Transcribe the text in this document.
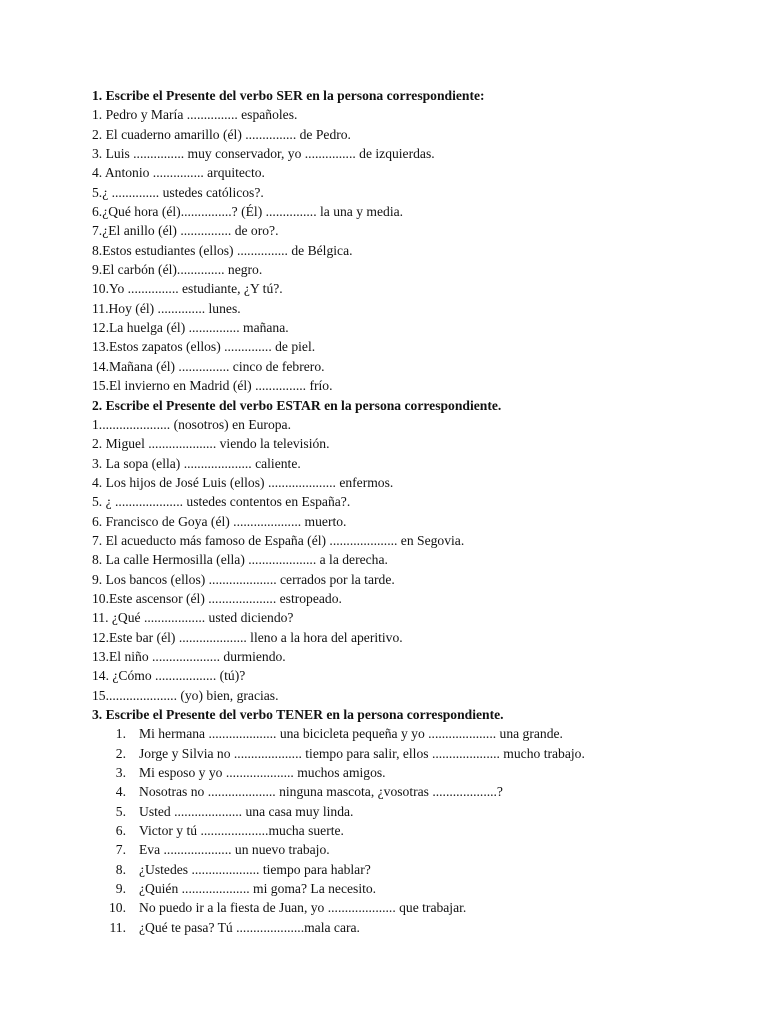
1. Escribe el Presente del verbo SER en la persona correspondiente:
1. Pedro y María ............... españoles.
2. El cuaderno amarillo (él) ............... de Pedro.
3. Luis ............... muy conservador, yo ............... de izquierdas.
4. Antonio ............... arquitecto.
5.¿ .............. ustedes católicos?.
6.¿Qué hora (él)...............? (Él) ............... la una y media.
7.¿El anillo (él) ............... de oro?.
8.Estos estudiantes (ellos) ............... de Bélgica.
9.El carbón (él).............. negro.
10.Yo ............... estudiante, ¿Y tú?.
11.Hoy (él) .............. lunes.
12.La huelga (él) ............... mañana.
13.Estos zapatos (ellos) .............. de piel.
14.Mañana (él) ............... cinco de febrero.
15.El invierno en Madrid (él) ............... frío.
2. Escribe el Presente del verbo ESTAR en la persona correspondiente.
1..................... (nosotros) en Europa.
2. Miguel .................... viendo la televisión.
3. La sopa (ella) .................... caliente.
4. Los hijos de José Luis (ellos) .................... enfermos.
5. ¿ .................... ustedes contentos en España?.
6. Francisco de Goya (él) .................... muerto.
7. El acueducto más famoso de España (él) .................... en Segovia.
8. La calle Hermosilla (ella) .................... a la derecha.
9. Los bancos (ellos) .................... cerrados por la tarde.
10.Este ascensor (él) .................... estropeado.
11. ¿Qué .................. usted diciendo?
12.Este bar (él) .................... lleno a la hora del aperitivo.
13.El niño .................... durmiendo.
14. ¿Cómo .................. (tú)?
15..................... (yo) bien, gracias.
3. Escribe el Presente del verbo TENER en la persona correspondiente.
1. Mi hermana .................... una bicicleta pequeña y yo .................... una grande.
2. Jorge y Silvia no .................... tiempo para salir, ellos .................... mucho trabajo.
3. Mi esposo y yo .................... muchos amigos.
4. Nosotras no .................... ninguna mascota, ¿vosotras ...................?
5. Usted .................... una casa muy linda.
6. Victor y tú ....................mucha suerte.
7. Eva .................... un nuevo trabajo.
8. ¿Ustedes .................... tiempo para hablar?
9. ¿Quién .................... mi goma? La necesito.
10. No puedo ir a la fiesta de Juan, yo .................... que trabajar.
11. ¿Qué te pasa? Tú ....................mala cara.
